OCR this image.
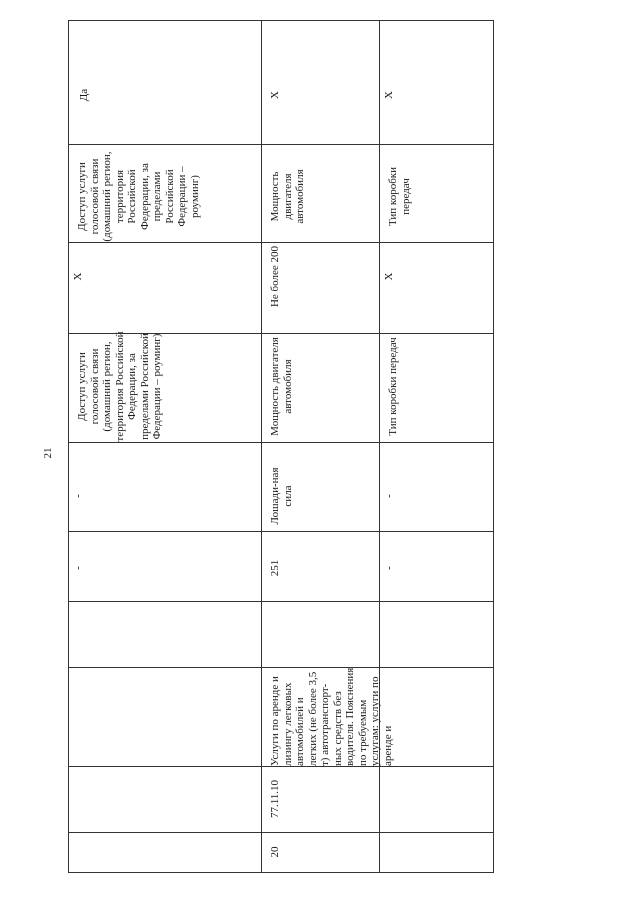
21
-
-
Доступ услуги голосовой связи (домашний регион, территория Российской Федерации, за пределами Российской Федерации – роуминг)
X
Доступ услуги голосовой связи (домашний регион, территория Российской Федерации, за пределами Российской Федерации – роуминг)
Да
20
77.11.10
Услуги по аренде и лизингу легковых автомобилей и легких (не более 3,5 т) автотранспорт-ных средств без водителя. Пояснения по требуемым услугам: услуги по аренде и
251
Лошади-ная сила
Мощность двигателя автомобиля
Не более 200
Мощность двигателя автомобиля
X
-
-
Тип коробки передач
X
Тип коробки передач
X
